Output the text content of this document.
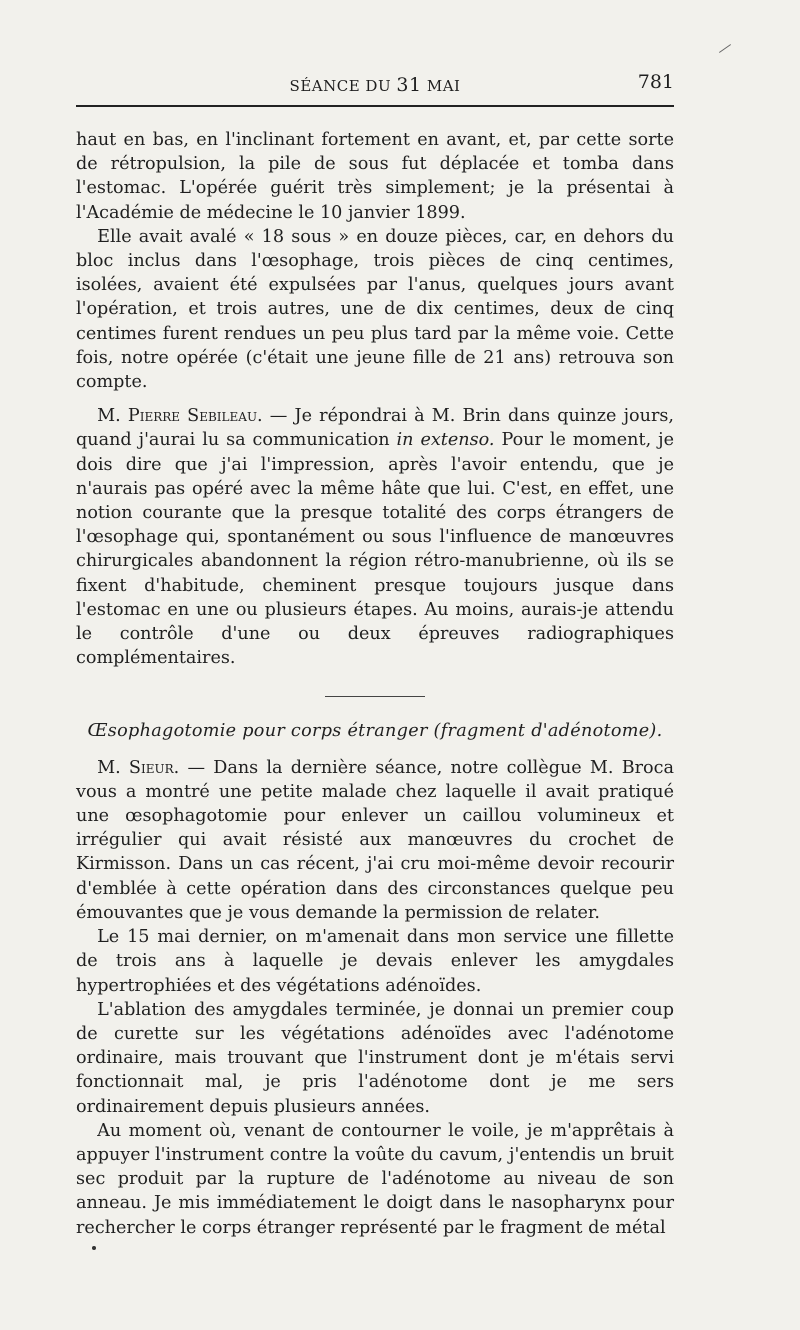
SÉANCE DU 31 MAI	781

haut en bas, en l'inclinant fortement en avant, et, par cette sorte de rétropulsion, la pile de sous fut déplacée et tomba dans l'estomac. L'opérée guérit très simplement; je la présentai à l'Académie de médecine le 10 janvier 1899.

Elle avait avalé « 18 sous » en douze pièces, car, en dehors du bloc inclus dans l'œsophage, trois pièces de cinq centimes, isolées, avaient été expulsées par l'anus, quelques jours avant l'opération, et trois autres, une de dix centimes, deux de cinq centimes furent rendues un peu plus tard par la même voie. Cette fois, notre opérée (c'était une jeune fille de 21 ans) retrouva son compte.

M. Pierre Sebileau. — Je répondrai à M. Brin dans quinze jours, quand j'aurai lu sa communication in extenso. Pour le moment, je dois dire que j'ai l'impression, après l'avoir entendu, que je n'aurais pas opéré avec la même hâte que lui. C'est, en effet, une notion courante que la presque totalité des corps étrangers de l'œsophage qui, spontanément ou sous l'influence de manœuvres chirurgicales abandonnent la région rétro-manubrienne, où ils se fixent d'habitude, cheminent presque toujours jusque dans l'estomac en une ou plusieurs étapes. Au moins, aurais-je attendu le contrôle d'une ou deux épreuves radiographiques complémentaires.

Œsophagotomie pour corps étranger (fragment d'adénotome).

M. Sieur. — Dans la dernière séance, notre collègue M. Broca vous a montré une petite malade chez laquelle il avait pratiqué une œsophagotomie pour enlever un caillou volumineux et irrégulier qui avait résisté aux manœuvres du crochet de Kirmisson. Dans un cas récent, j'ai cru moi-même devoir recourir d'emblée à cette opération dans des circonstances quelque peu émouvantes que je vous demande la permission de relater.

Le 15 mai dernier, on m'amenait dans mon service une fillette de trois ans à laquelle je devais enlever les amygdales hypertrophiées et des végétations adénoïdes.

L'ablation des amygdales terminée, je donnai un premier coup de curette sur les végétations adénoïdes avec l'adénotome ordinaire, mais trouvant que l'instrument dont je m'étais servi fonctionnait mal, je pris l'adénotome dont je me sers ordinairement depuis plusieurs années.

Au moment où, venant de contourner le voile, je m'apprêtais à appuyer l'instrument contre la voûte du cavum, j'entendis un bruit sec produit par la rupture de l'adénotome au niveau de son anneau. Je mis immédiatement le doigt dans le nasopharynx pour rechercher le corps étranger représenté par le fragment de métal
